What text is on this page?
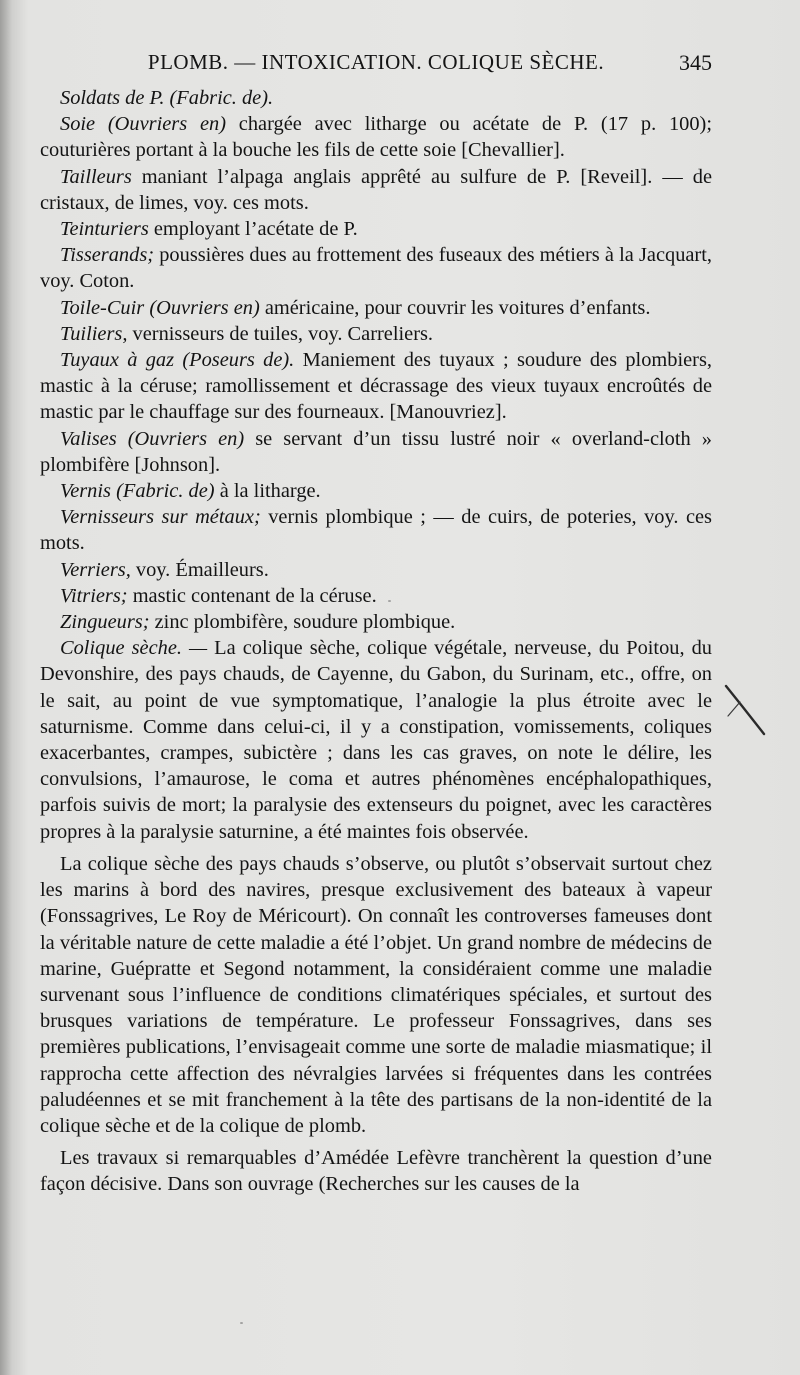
PLOMB. — INTOXICATION. COLIQUE SÈCHE.	345

Soldats de P. (Fabric. de).

Soie (Ouvriers en) chargée avec litharge ou acétate de P. (17 p. 100); couturières portant à la bouche les fils de cette soie [Chevallier].

Tailleurs maniant l’alpaga anglais apprêté au sulfure de P. [Reveil]. — de cristaux, de limes, voy. ces mots.

Teinturiers employant l’acétate de P.

Tisserands; poussières dues au frottement des fuseaux des métiers à la Jacquart, voy. Coton.

Toile-Cuir (Ouvriers en) américaine, pour couvrir les voitures d’enfants.

Tuiliers, vernisseurs de tuiles, voy. Carreliers.

Tuyaux à gaz (Poseurs de). Maniement des tuyaux ; soudure des plombiers, mastic à la céruse; ramollissement et décrassage des vieux tuyaux encroûtés de mastic par le chauffage sur des fourneaux. [Manouvriez].

Valises (Ouvriers en) se servant d’un tissu lustré noir « overland-cloth » plombifère [Johnson].

Vernis (Fabric. de) à la litharge.

Vernisseurs sur métaux; vernis plombique ; — de cuirs, de poteries, voy. ces mots.

Verriers, voy. Émailleurs.

Vitriers; mastic contenant de la céruse.

Zingueurs; zinc plombifère, soudure plombique.

Colique sèche. — La colique sèche, colique végétale, nerveuse, du Poitou, du Devonshire, des pays chauds, de Cayenne, du Gabon, du Surinam, etc., offre, on le sait, au point de vue symptomatique, l’analogie la plus étroite avec le saturnisme. Comme dans celui-ci, il y a constipation, vomissements, coliques exacerbantes, crampes, subictère ; dans les cas graves, on note le délire, les convulsions, l’amaurose, le coma et autres phénomènes encéphalopathiques, parfois suivis de mort; la paralysie des extenseurs du poignet, avec les caractères propres à la paralysie saturnine, a été maintes fois observée.

La colique sèche des pays chauds s’observe, ou plutôt s’observait surtout chez les marins à bord des navires, presque exclusivement des bateaux à vapeur (Fonssagrives, Le Roy de Méricourt). On connaît les controverses fameuses dont la véritable nature de cette maladie a été l’objet. Un grand nombre de médecins de marine, Guépratte et Segond notamment, la considéraient comme une maladie survenant sous l’influence de conditions climatériques spéciales, et surtout des brusques variations de température. Le professeur Fonssagrives, dans ses premières publications, l’envisageait comme une sorte de maladie miasmatique; il rapprocha cette affection des névralgies larvées si fréquentes dans les contrées paludéennes et se mit franchement à la tête des partisans de la non-identité de la colique sèche et de la colique de plomb.

Les travaux si remarquables d’Amédée Lefèvre tranchèrent la question d’une façon décisive. Dans son ouvrage (Recherches sur les causes de la
